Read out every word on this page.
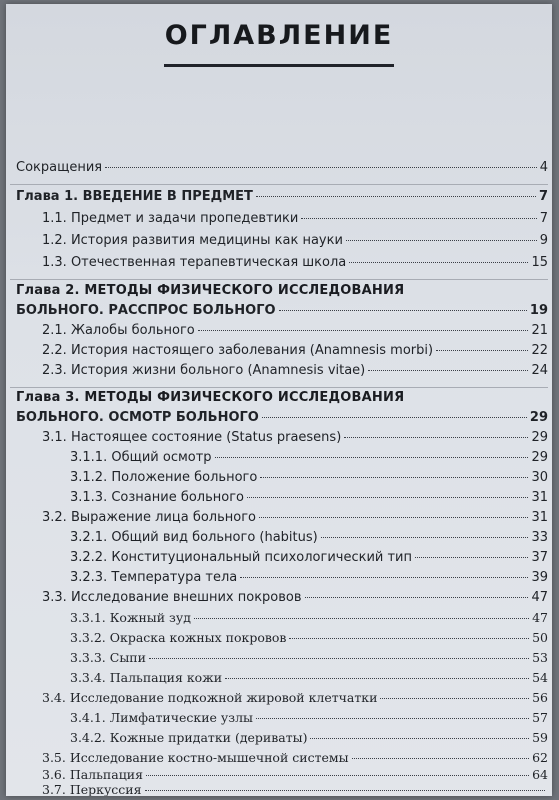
ОГЛАВЛЕНИЕ
Сокращения	4
Глава 1. ВВЕДЕНИЕ В ПРЕДМЕТ	7
1.1. Предмет и задачи пропедевтики	7
1.2. История развития медицины как науки	9
1.3. Отечественная терапевтическая школа	15
Глава 2. МЕТОДЫ ФИЗИЧЕСКОГО ИССЛЕДОВАНИЯ
БОЛЬНОГО. РАССПРОС БОЛЬНОГО	19
2.1. Жалобы больного	21
2.2. История настоящего заболевания (Anamnesis morbi)	22
2.3. История жизни больного (Anamnesis vitae)	24
Глава 3. МЕТОДЫ ФИЗИЧЕСКОГО ИССЛЕДОВАНИЯ
БОЛЬНОГО. ОСМОТР БОЛЬНОГО	29
3.1. Настоящее состояние (Status praesens)	29
3.1.1. Общий осмотр	29
3.1.2. Положение больного	30
3.1.3. Сознание больного	31
3.2. Выражение лица больного	31
3.2.1. Общий вид больного (habitus)	33
3.2.2. Конституциональный психологический тип	37
3.2.3. Температура тела	39
3.3. Исследование внешних покровов	47
3.3.1. Кожный зуд	47
3.3.2. Окраска кожных покровов	50
3.3.3. Сыпи	53
3.3.4. Пальпация кожи	54
3.4. Исследование подкожной жировой клетчатки	56
3.4.1. Лимфатические узлы	57
3.4.2. Кожные придатки (дериваты)	59
3.5. Исследование костно-мышечной системы	62
3.6. Пальпация	64
3.7. Перкуссия
